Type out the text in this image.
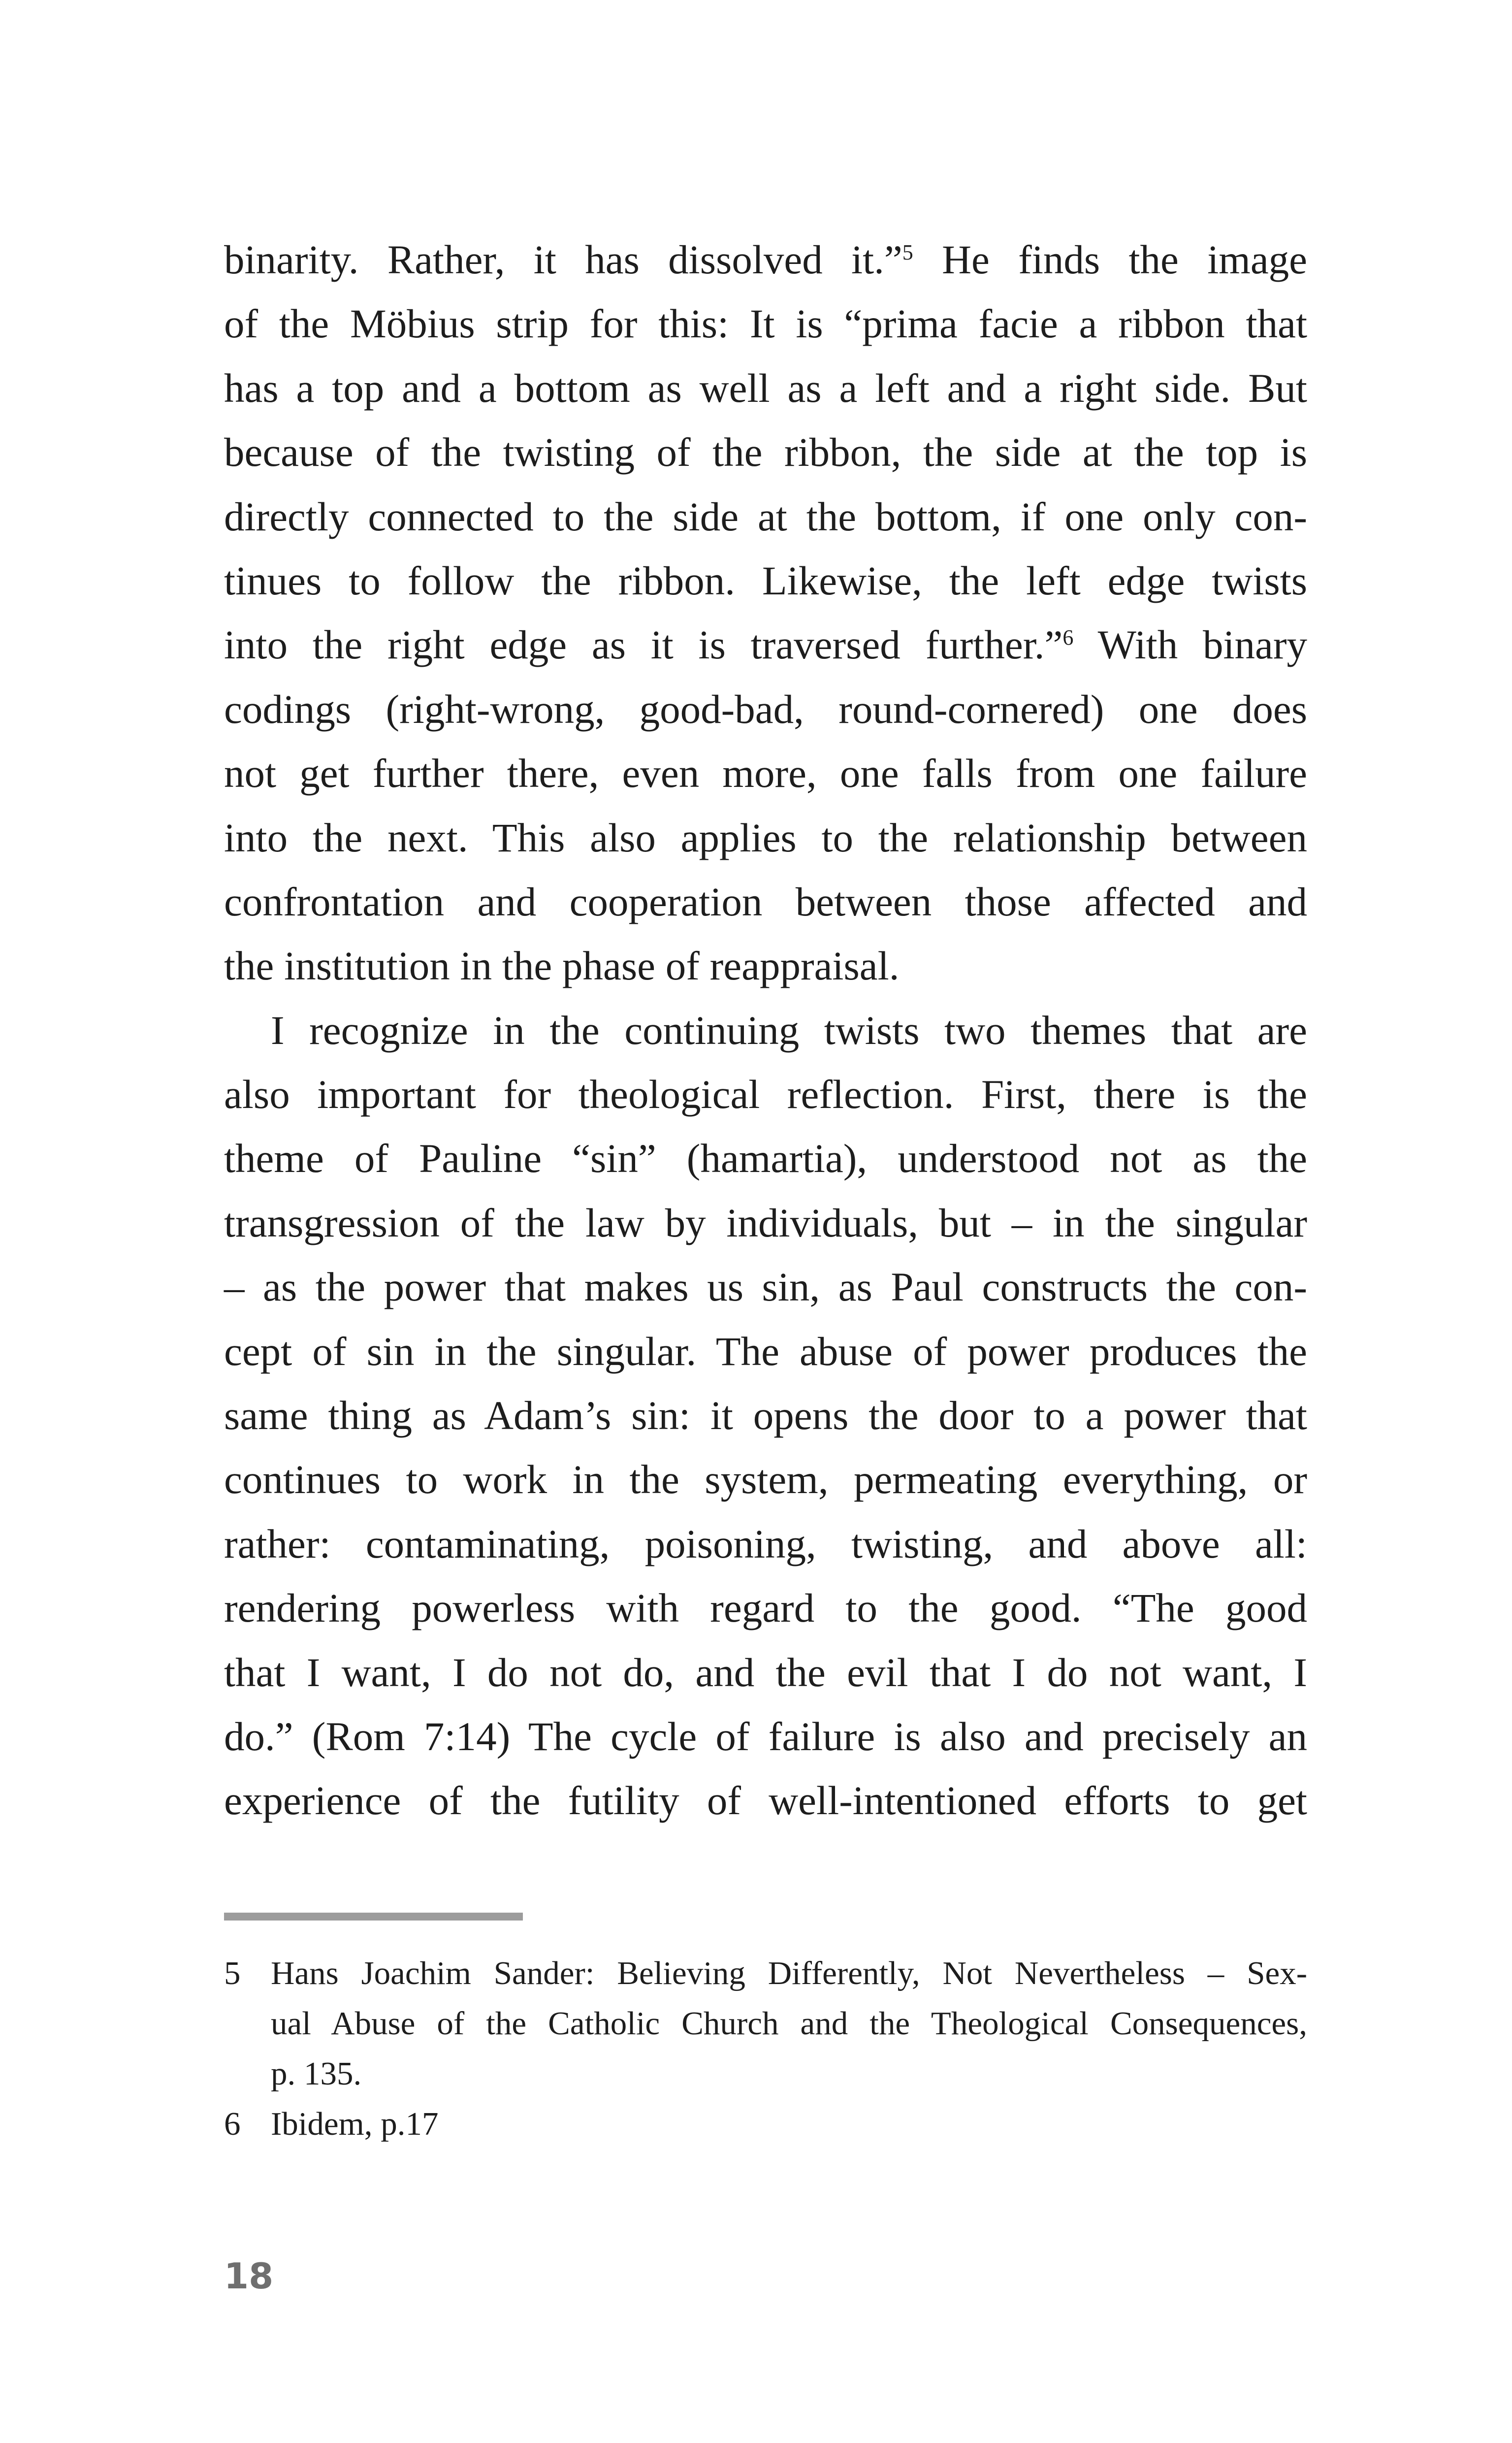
binarity. Rather, it has dissolved it.”$^5$ He finds the image
of the Möbius strip for this: It is “prima facie a ribbon that
has a top and a bottom as well as a left and a right side. But
because of the twisting of the ribbon, the side at the top is
directly connected to the side at the bottom, if one only con-
tinues to follow the ribbon. Likewise, the left edge twists
into the right edge as it is traversed further.”$^6$ With binary
codings (right-wrong, good-bad, round-cornered) one does
not get further there, even more, one falls from one failure
into the next. This also applies to the relationship between
confrontation and cooperation between those affected and
the institution in the phase of reappraisal.
I recognize in the continuing twists two themes that are
also important for theological reflection. First, there is the
theme of Pauline “sin” (hamartia), understood not as the
transgression of the law by individuals, but – in the singular
– as the power that makes us sin, as Paul constructs the con-
cept of sin in the singular. The abuse of power produces the
same thing as Adam’s sin: it opens the door to a power that
continues to work in the system, permeating everything, or
rather: contaminating, poisoning, twisting, and above all:
rendering powerless with regard to the good. “The good
that I want, I do not do, and the evil that I do not want, I
do.” (Rom 7:14) The cycle of failure is also and precisely an
experience of the futility of well-intentioned efforts to get
5 Hans Joachim Sander: Believing Differently, Not Nevertheless – Sex-
ual Abuse of the Catholic Church and the Theological Consequences,
p. 135.
6 Ibidem, p.17
18
